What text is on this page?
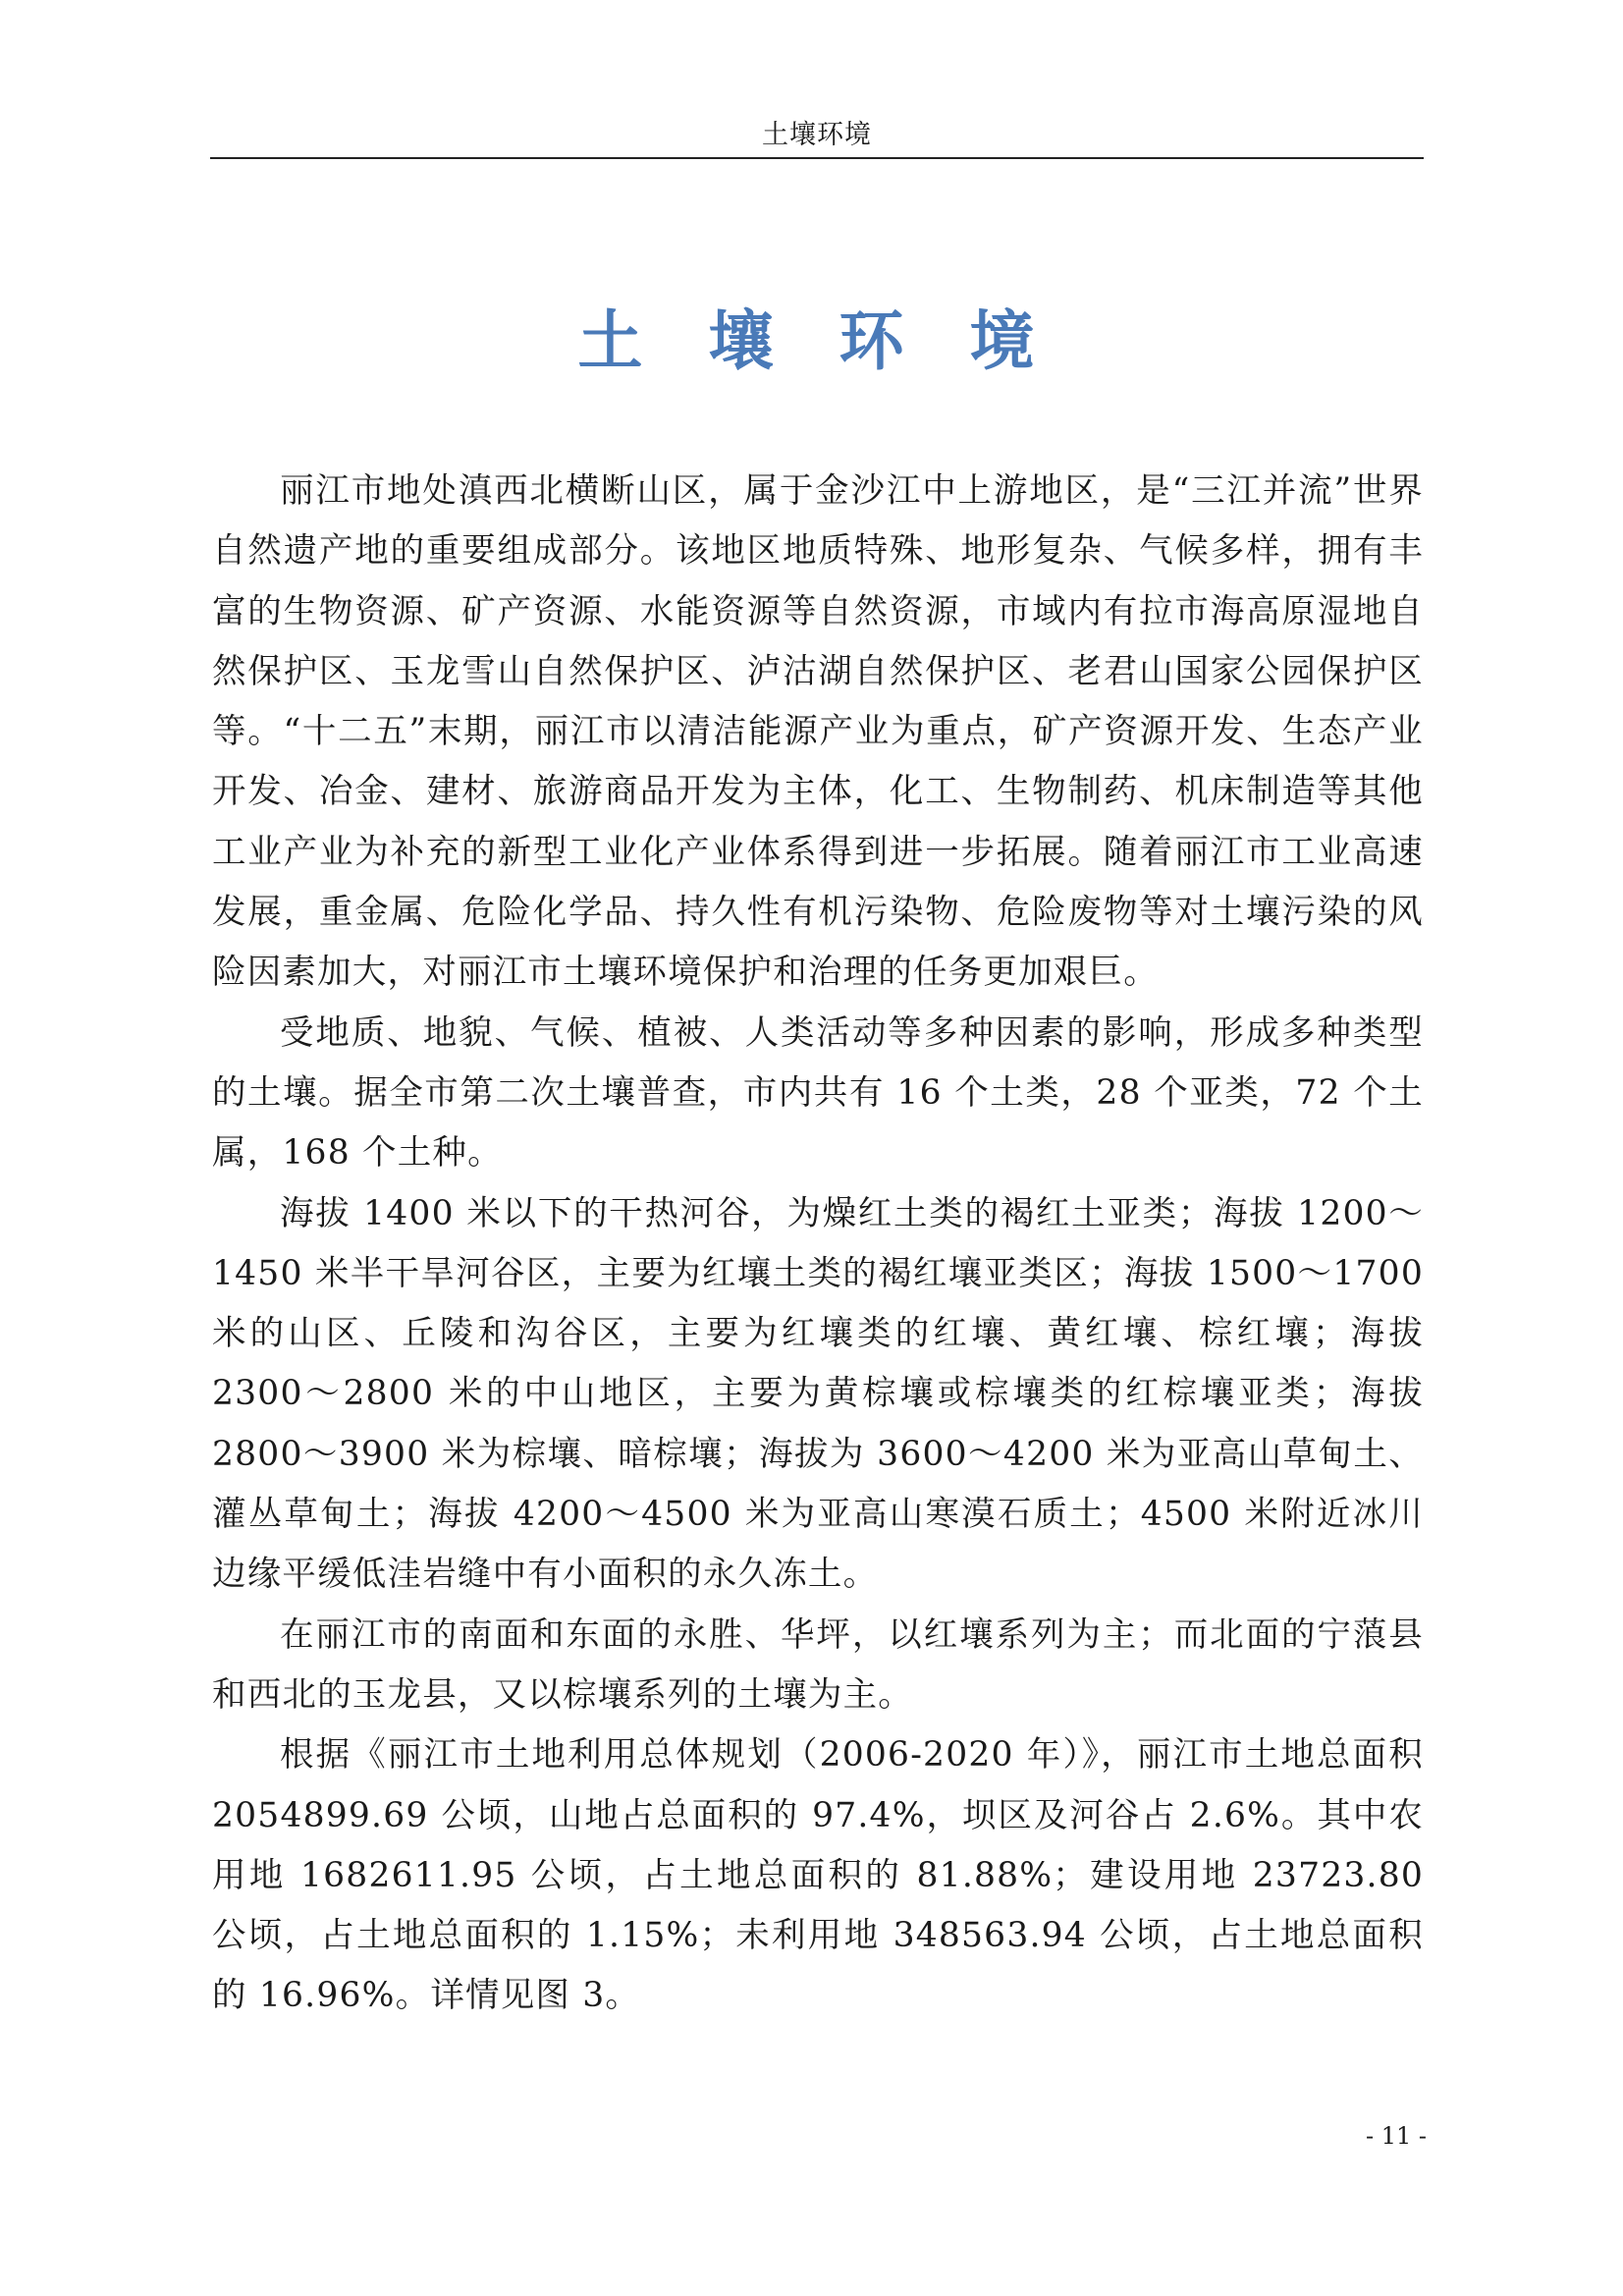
土壤环境
土 壤 环 境

丽江市地处滇西北横断山区，属于金沙江中上游地区，是“三江并流”世界自然遗产地的重要组成部分。该地区地质特殊、地形复杂、气候多样，拥有丰富的生物资源、矿产资源、水能资源等自然资源，市域内有拉市海高原湿地自然保护区、玉龙雪山自然保护区、泸沽湖自然保护区、老君山国家公园保护区等。“十二五”末期，丽江市以清洁能源产业为重点，矿产资源开发、生态产业开发、冶金、建材、旅游商品开发为主体，化工、生物制药、机床制造等其他工业产业为补充的新型工业化产业体系得到进一步拓展。随着丽江市工业高速发展，重金属、危险化学品、持久性有机污染物、危险废物等对土壤污染的风险因素加大，对丽江市土壤环境保护和治理的任务更加艰巨。

受地质、地貌、气候、植被、人类活动等多种因素的影响，形成多种类型的土壤。据全市第二次土壤普查，市内共有 16 个土类，28 个亚类，72 个土属，168 个土种。

海拔 1400 米以下的干热河谷，为燥红土类的褐红土亚类；海拔 1200～1450 米半干旱河谷区，主要为红壤土类的褐红壤亚类区；海拔 1500～1700 米的山区、丘陵和沟谷区，主要为红壤类的红壤、黄红壤、棕红壤；海拔 2300～2800 米的中山地区，主要为黄棕壤或棕壤类的红棕壤亚类；海拔 2800～3900 米为棕壤、暗棕壤；海拔为 3600～4200 米为亚高山草甸土、灌丛草甸土；海拔 4200～4500 米为亚高山寒漠石质土；4500 米附近冰川边缘平缓低洼岩缝中有小面积的永久冻土。

在丽江市的南面和东面的永胜、华坪，以红壤系列为主；而北面的宁蒗县和西北的玉龙县，又以棕壤系列的土壤为主。

根据《丽江市土地利用总体规划（2006-2020 年）》，丽江市土地总面积 2054899.69 公顷，山地占总面积的 97.4%，坝区及河谷占 2.6%。其中农用地 1682611.95 公顷，占土地总面积的 81.88%；建设用地 23723.80 公顷，占土地总面积的 1.15%；未利用地 348563.94 公顷，占土地总面积的 16.96%。详情见图 3。

- 11 -
